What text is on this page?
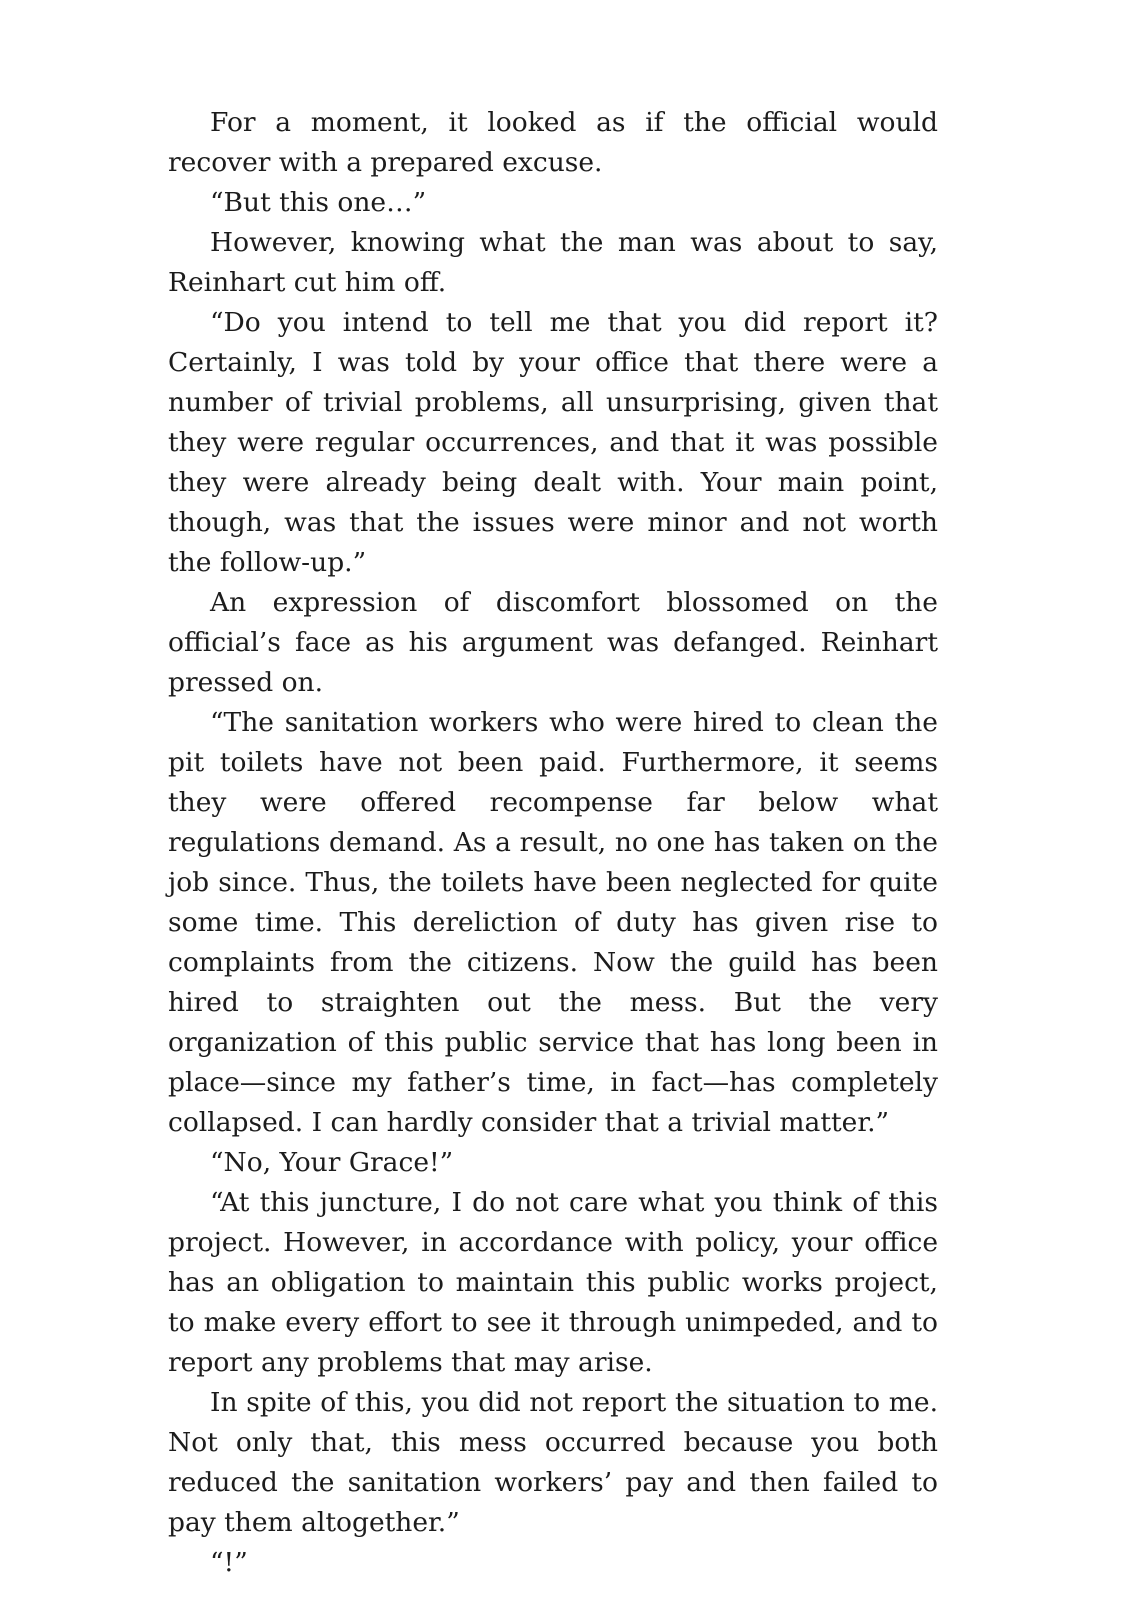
For a moment, it looked as if the official would recover with a prepared excuse.

“But this one…”

However, knowing what the man was about to say, Reinhart cut him off.

“Do you intend to tell me that you did report it? Certainly, I was told by your office that there were a number of trivial problems, all unsurprising, given that they were regular occurrences, and that it was possible they were already being dealt with. Your main point, though, was that the issues were minor and not worth the follow-up.”

An expression of discomfort blossomed on the official’s face as his argument was defanged. Reinhart pressed on.

“The sanitation workers who were hired to clean the pit toilets have not been paid. Furthermore, it seems they were offered recompense far below what regulations demand. As a result, no one has taken on the job since. Thus, the toilets have been neglected for quite some time. This dereliction of duty has given rise to complaints from the citizens. Now the guild has been hired to straighten out the mess. But the very organization of this public service that has long been in place—since my father’s time, in fact—has completely collapsed. I can hardly consider that a trivial matter.”

“No, Your Grace!”

“At this juncture, I do not care what you think of this project. However, in accordance with policy, your office has an obligation to maintain this public works project, to make every effort to see it through unimpeded, and to report any problems that may arise.

In spite of this, you did not report the situation to me. Not only that, this mess occurred because you both reduced the sanitation workers’ pay and then failed to pay them altogether.”

“!”
